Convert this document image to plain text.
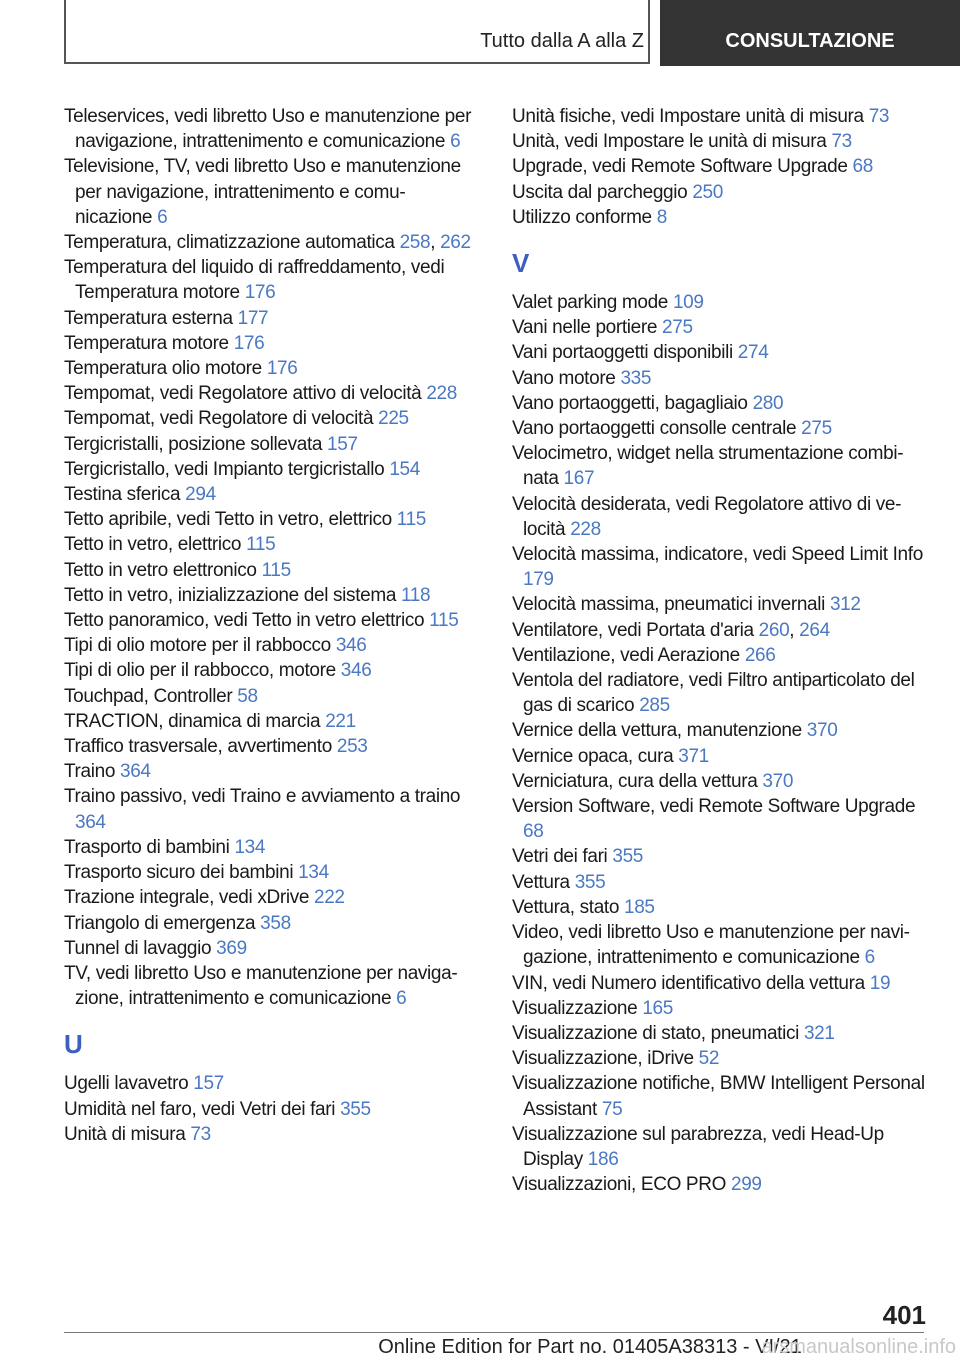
Tutto dalla A alla Z	CONSULTAZIONE
Teleservices, vedi libretto Uso e manutenzione per navigazione, intrattenimento e comunicazione 6
Televisione, TV, vedi libretto Uso e manutenzione per navigazione, intrattenimento e comunicazione 6
Temperatura, climatizzazione automatica 258, 262
Temperatura del liquido di raffreddamento, vedi Temperatura motore 176
Temperatura esterna 177
Temperatura motore 176
Temperatura olio motore 176
Tempomat, vedi Regolatore attivo di velocità 228
Tempomat, vedi Regolatore di velocità 225
Tergicristalli, posizione sollevata 157
Tergicristallo, vedi Impianto tergicristallo 154
Testina sferica 294
Tetto apribile, vedi Tetto in vetro, elettrico 115
Tetto in vetro, elettrico 115
Tetto in vetro elettronico 115
Tetto in vetro, inizializzazione del sistema 118
Tetto panoramico, vedi Tetto in vetro elettrico 115
Tipi di olio motore per il rabbocco 346
Tipi di olio per il rabbocco, motore 346
Touchpad, Controller 58
TRACTION, dinamica di marcia 221
Traffico trasversale, avvertimento 253
Traino 364
Traino passivo, vedi Traino e avviamento a traino 364
Trasporto di bambini 134
Trasporto sicuro dei bambini 134
Trazione integrale, vedi xDrive 222
Triangolo di emergenza 358
Tunnel di lavaggio 369
TV, vedi libretto Uso e manutenzione per navigazione, intrattenimento e comunicazione 6
U
Ugelli lavavetro 157
Umidità nel faro, vedi Vetri dei fari 355
Unità di misura 73
Unità fisiche, vedi Impostare unità di misura 73
Unità, vedi Impostare le unità di misura 73
Upgrade, vedi Remote Software Upgrade 68
Uscita dal parcheggio 250
Utilizzo conforme 8
V
Valet parking mode 109
Vani nelle portiere 275
Vani portaoggetti disponibili 274
Vano motore 335
Vano portaoggetti, bagagliaio 280
Vano portaoggetti consolle centrale 275
Velocimetro, widget nella strumentazione combinata 167
Velocità desiderata, vedi Regolatore attivo di velocità 228
Velocità massima, indicatore, vedi Speed Limit Info 179
Velocità massima, pneumatici invernali 312
Ventilatore, vedi Portata d'aria 260, 264
Ventilazione, vedi Aerazione 266
Ventola del radiatore, vedi Filtro antiparticolato del gas di scarico 285
Vernice della vettura, manutenzione 370
Vernice opaca, cura 371
Verniciatura, cura della vettura 370
Version Software, vedi Remote Software Upgrade 68
Vetri dei fari 355
Vettura 355
Vettura, stato 185
Video, vedi libretto Uso e manutenzione per navigazione, intrattenimento e comunicazione 6
VIN, vedi Numero identificativo della vettura 19
Visualizzazione 165
Visualizzazione di stato, pneumatici 321
Visualizzazione, iDrive 52
Visualizzazione notifiche, BMW Intelligent Personal Assistant 75
Visualizzazione sul parabrezza, vedi Head-Up Display 186
Visualizzazioni, ECO PRO 299
401
Online Edition for Part no. 01405A38313 - VI/21
arsmanualsonline.info
